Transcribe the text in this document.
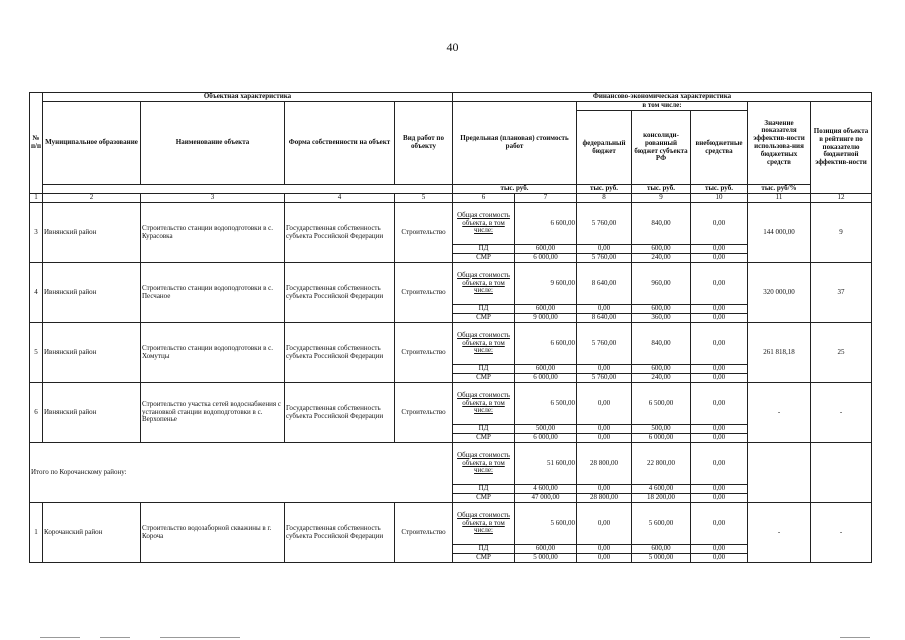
40
№ п/п	Объектная характеристика				Финансово-экономическая характеристика						
	Муниципальное образование	Наименование объекта	Форма собственности на объект	Вид работ по объекту	Предельная (плановая) стоимость работ		в том числе:			Значение показателя эффектив-ности использова-ния бюджетных средств	Позиция объекта в рейтинге по показателю бюджетной эффектив-ности
							федеральный бюджет	консолиди-рованный бюджет субъекта РФ	внебюджетные средства		
					тыс. руб.		тыс. руб.	тыс. руб.	тыс. руб.	тыс. руб/%	
1	2	3	4	5	6	7	8	9	10	11	12
3	Ивнянский район	Строительство станции водоподготовки в с. Курасовка	Государственная собственность субъекта Российской Федерации	Строительство	Общая стоимость объекта, в том числе:	6 600,00	5 760,00	840,00	0,00	144 000,00	9
					ПД	600,00	0,00	600,00	0,00		
					СМР	6 000,00	5 760,00	240,00	0,00		
4	Ивнянский район	Строительство станции водоподготовки в с. Песчаное	Государственная собственность субъекта Российской Федерации	Строительство	Общая стоимость объекта, в том числе:	9 600,00	8 640,00	960,00	0,00	320 000,00	37
					ПД	600,00	0,00	600,00	0,00		
					СМР	9 000,00	8 640,00	360,00	0,00		
5	Ивнянский район	Строительство станции водоподготовки в с. Хомутцы	Государственная собственность субъекта Российской Федерации	Строительство	Общая стоимость объекта, в том числе:	6 600,00	5 760,00	840,00	0,00	261 818,18	25
					ПД	600,00	0,00	600,00	0,00		
					СМР	6 000,00	5 760,00	240,00	0,00		
6	Ивнянский район	Строительство участка сетей водоснабжения с установкой станции водоподготовки в с. Верхопенье	Государственная собственность субъекта Российской Федерации	Строительство	Общая стоимость объекта, в том числе:	6 500,00	0,00	6 500,00	0,00	-	-
					ПД	500,00	0,00	500,00	0,00		
					СМР	6 000,00	0,00	6 000,00	0,00		
Итого по Корочанскому району:					Общая стоимость объекта, в том числе:	51 600,00	28 800,00	22 800,00	0,00		
					ПД	4 600,00	0,00	4 600,00	0,00		
					СМР	47 000,00	28 800,00	18 200,00	0,00		
1	Корочанский район	Строительство водозаборной скважины в г. Короча	Государственная собственность субъекта Российской Федерации	Строительство	Общая стоимость объекта, в том числе:	5 600,00	0,00	5 600,00	0,00	-	-
					ПД	600,00	0,00	600,00	0,00		
					СМР	5 000,00	0,00	5 000,00	0,00		
